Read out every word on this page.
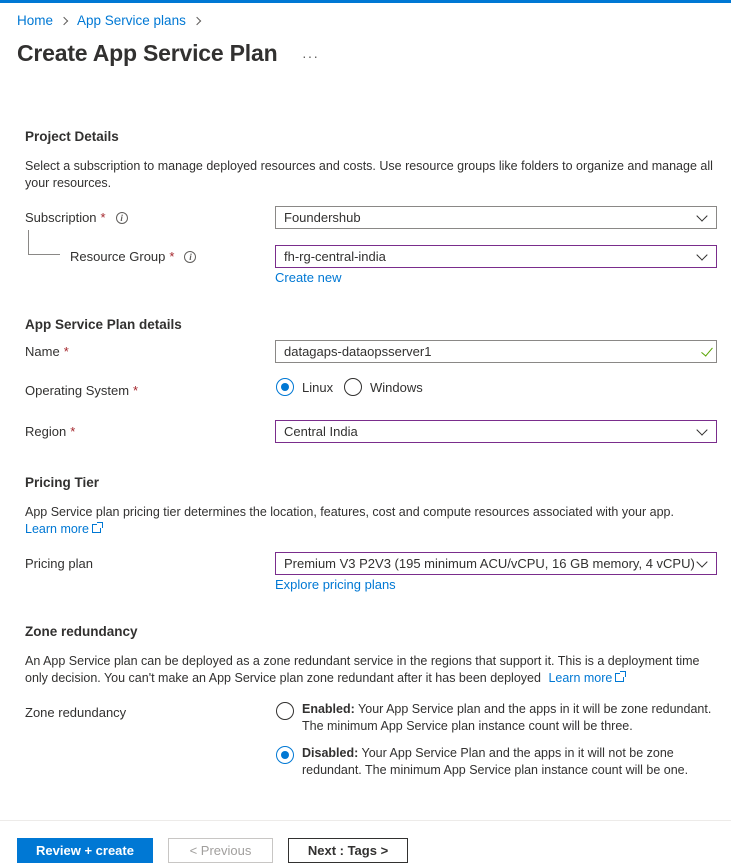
Home App Service plans
Create App Service Plan ···
Project Details
Select a subscription to manage deployed resources and costs. Use resource groups like folders to organize and manage all your resources.
Subscription *	i	Foundershub
Resource Group *	i	fh-rg-central-india
Create new
App Service Plan details
Name *	datagaps-dataopsserver1
Operating System *	Linux	Windows
Region *	Central India
Pricing Tier
App Service plan pricing tier determines the location, features, cost and compute resources associated with your app.
Learn more
Pricing plan	Premium V3 P2V3 (195 minimum ACU/vCPU, 16 GB memory, 4 vCPU)
Explore pricing plans
Zone redundancy
An App Service plan can be deployed as a zone redundant service in the regions that support it. This is a deployment time only decision. You can't make an App Service plan zone redundant after it has been deployed Learn more
Zone redundancy	Enabled: Your App Service plan and the apps in it will be zone redundant. The minimum App Service plan instance count will be three.
Disabled: Your App Service Plan and the apps in it will not be zone redundant. The minimum App Service plan instance count will be one.
Review + create	< Previous	Next : Tags >
